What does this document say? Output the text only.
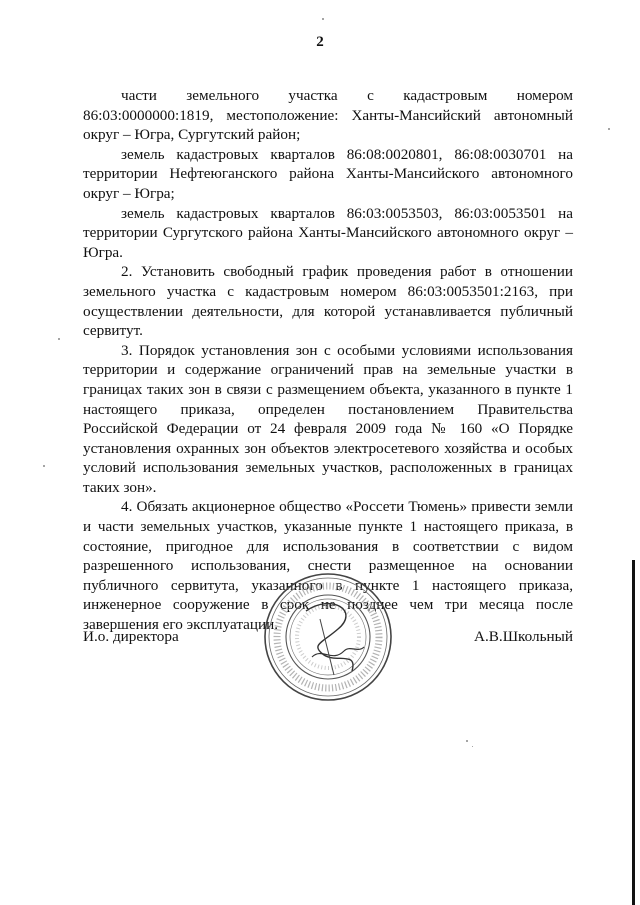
2

части земельного участка с кадастровым номером 86:03:0000000:1819, местоположение: Ханты-Мансийский автономный округ – Югра, Сургутский район;

земель кадастровых кварталов 86:08:0020801, 86:08:0030701 на территории Нефтеюганского района Ханты-Мансийского автономного округ – Югра;

земель кадастровых кварталов 86:03:0053503, 86:03:0053501 на территории Сургутского района Ханты-Мансийского автономного округ – Югра.

2. Установить свободный график проведения работ в отношении земельного участка с кадастровым номером 86:03:0053501:2163, при осуществлении деятельности, для которой устанавливается публичный сервитут.

3. Порядок установления зон с особыми условиями использования территории и содержание ограничений прав на земельные участки в границах таких зон в связи с размещением объекта, указанного в пункте 1 настоящего приказа, определен постановлением Правительства Российской Федерации от 24 февраля 2009 года № 160 «О Порядке установления охранных зон объектов электросетевого хозяйства и особых условий использования земельных участков, расположенных в границах таких зон».

4. Обязать акционерное общество «Россети Тюмень» привести земли и части земельных участков, указанные пункте 1 настоящего приказа, в состояние, пригодное для использования в соответствии с видом разрешенного использования, снести размещенное на основании публичного сервитута, указанного в пункте 1 настоящего приказа, инженерное сооружение в срок не позднее чем три месяца после завершения его эксплуатации.

И.о. директора	А.В.Школьный
